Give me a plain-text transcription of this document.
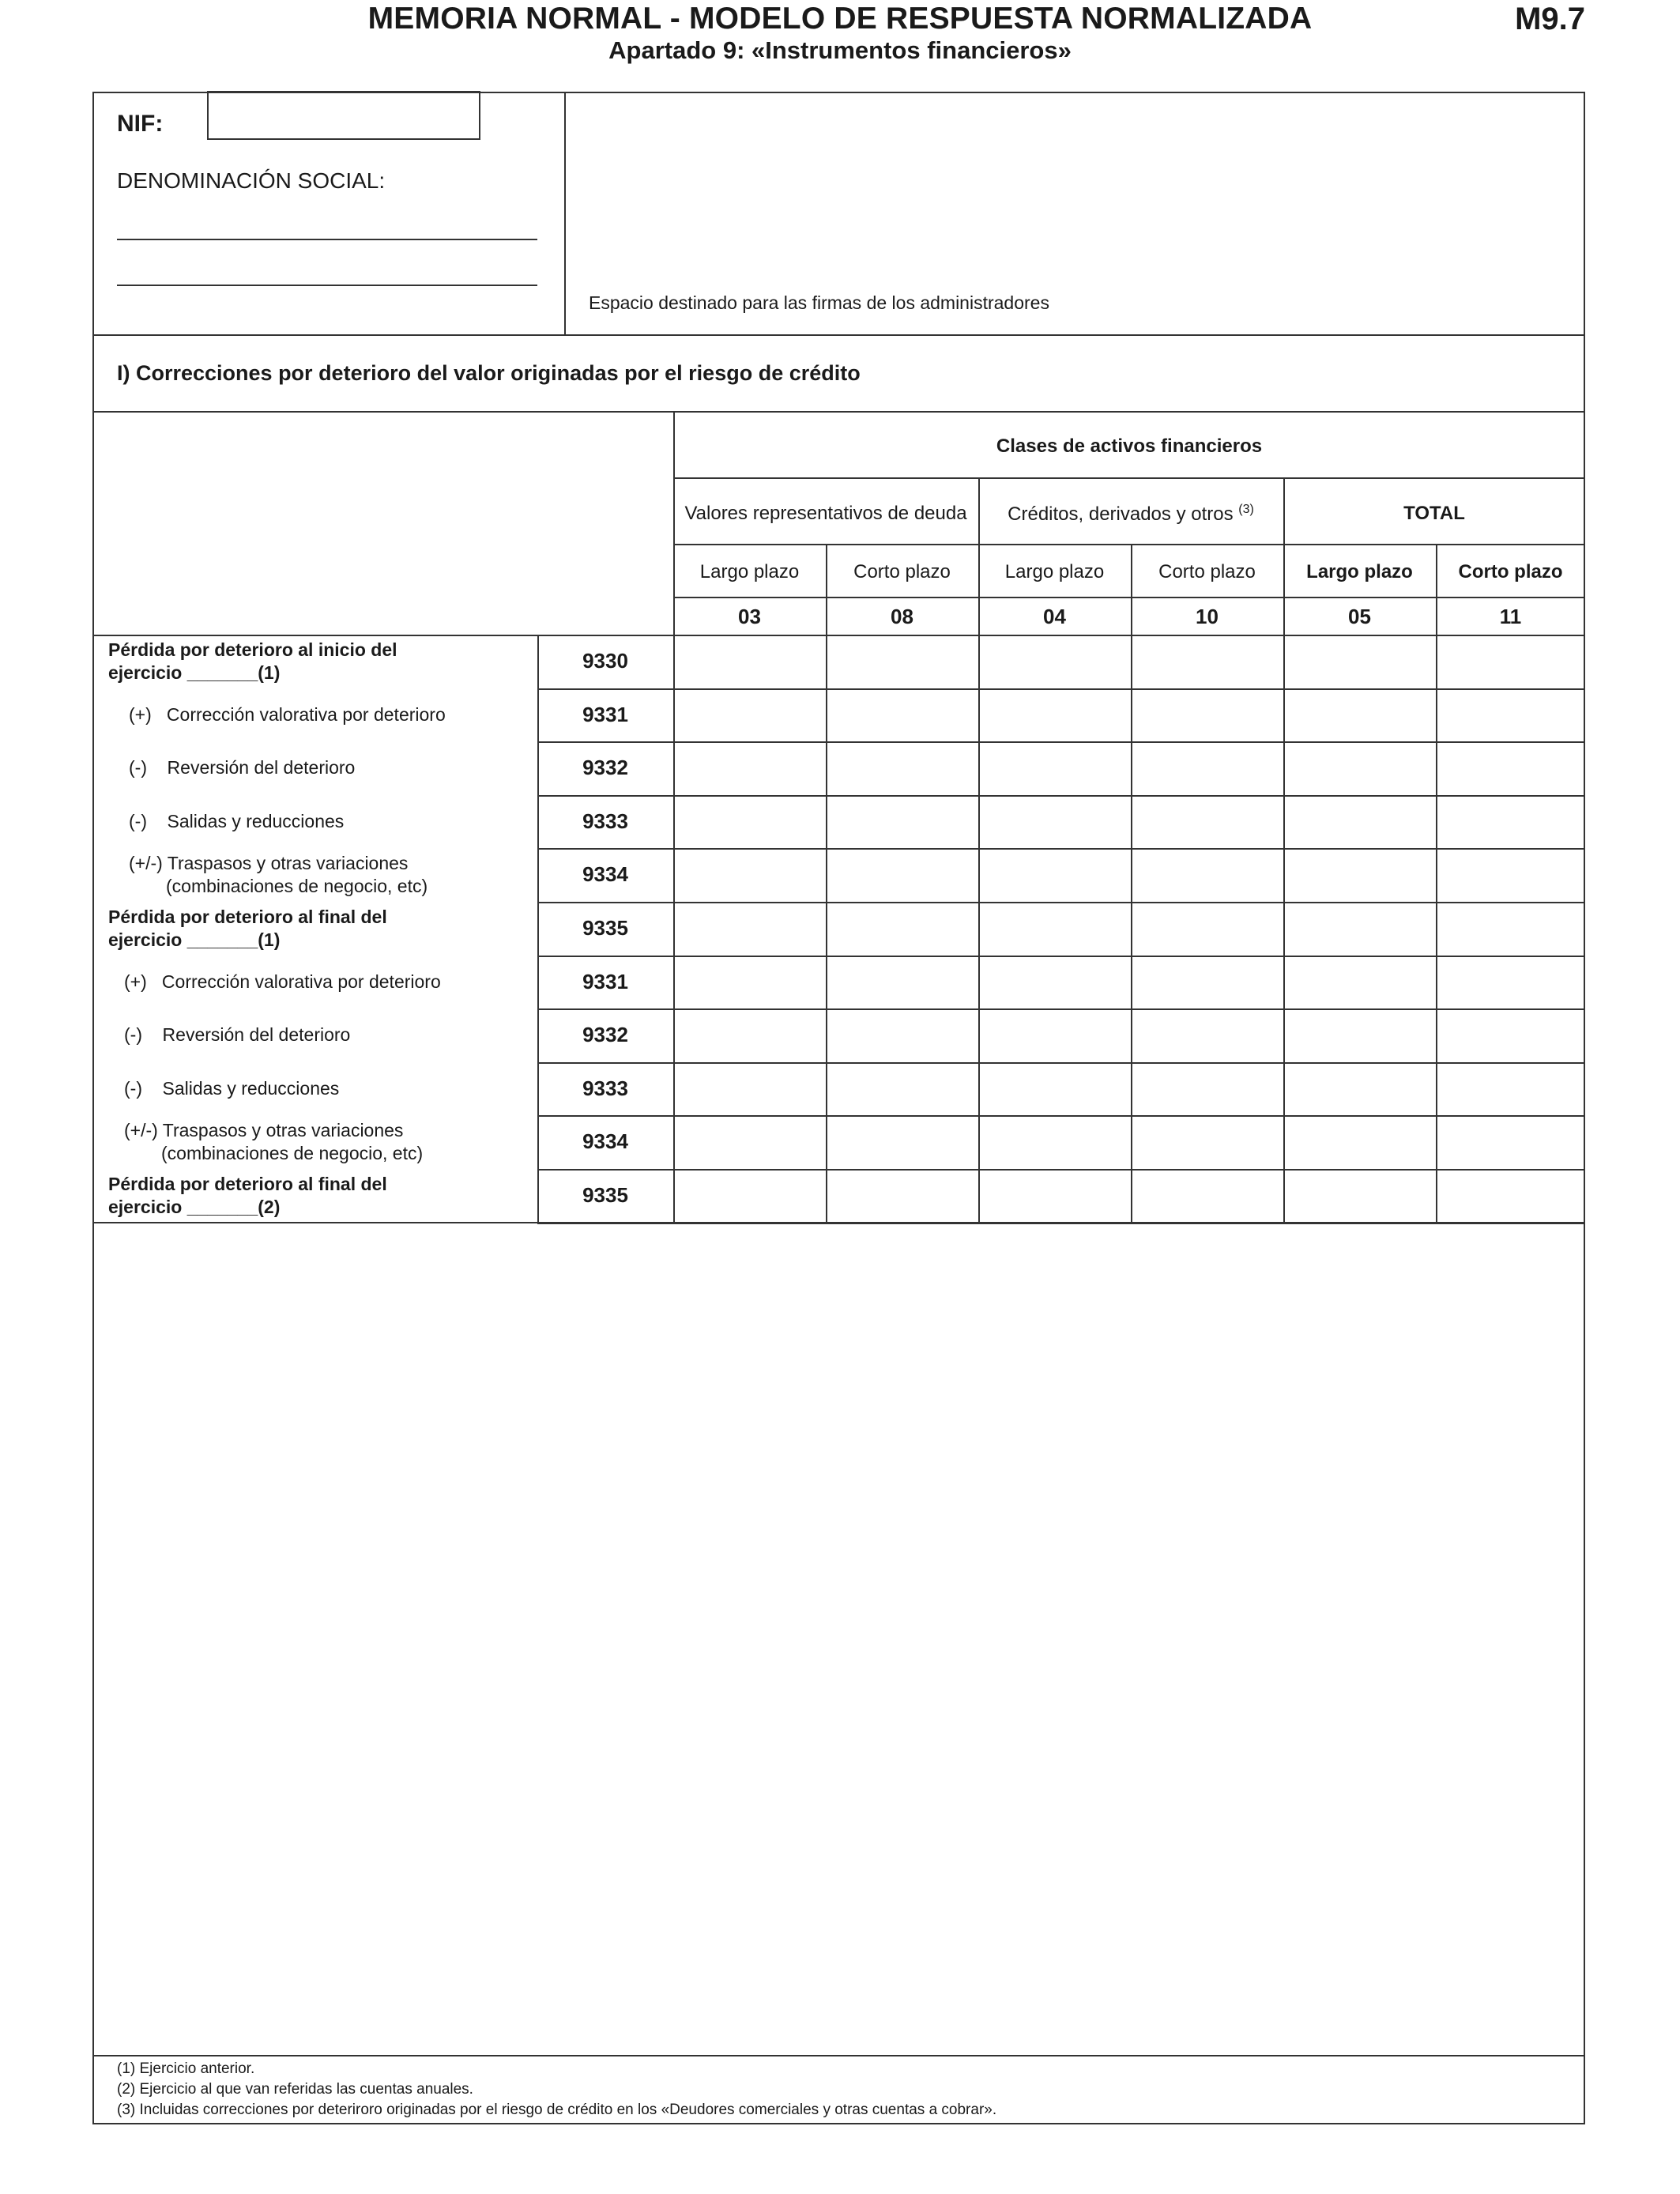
MEMORIA NORMAL - MODELO DE RESPUESTA NORMALIZADA
Apartado 9: «Instrumentos financieros»
M9.7
NIF:
DENOMINACIÓN SOCIAL:
Espacio destinado para las firmas de los administradores
I) Correcciones por deterioro del valor originadas por el riesgo de crédito
Clases de activos financieros
Valores representativos de deuda	Créditos, derivados y otros $^{(3)}$	TOTAL
Largo plazo	Corto plazo	Largo plazo	Corto plazo	Largo plazo	Corto plazo
03	08	04	10	05	11
Pérdida por deterioro al inicio del
ejercicio _______(1)	9330
(+)   Corrección valorativa por deterioro	9331
(-)    Reversión del deterioro	9332
(-)    Salidas y reducciones	9333
(+/-) Traspasos y otras variaciones
(combinaciones de negocio, etc)	9334
Pérdida por deterioro al final del
ejercicio _______(1)	9335
(+)   Corrección valorativa por deterioro	9331
(-)    Reversión del deterioro	9332
(-)    Salidas y reducciones	9333
(+/-) Traspasos y otras variaciones
(combinaciones de negocio, etc)	9334
Pérdida por deterioro al final del
ejercicio _______(2)	9335
(1) Ejercicio anterior.
(2) Ejercicio al que van referidas las cuentas anuales.
(3) Incluidas correcciones por deteriroro originadas por el riesgo de crédito en los «Deudores comerciales y otras cuentas a cobrar».
